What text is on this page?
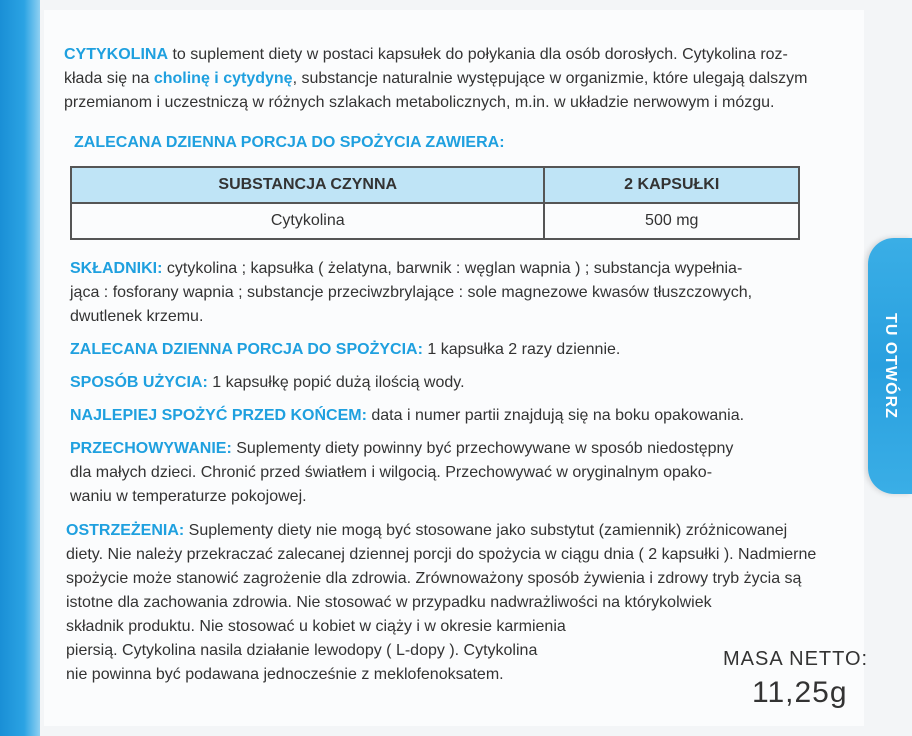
TU OTWÓRZ

CYTYKOLINA to suplement diety w postaci kapsułek do połykania dla osób dorosłych. Cytykolina roz-

kłada się na cholinę i cytydynę, substancje naturalnie występujące w organizmie, które ulegają dalszym

przemianom i uczestniczą w różnych szlakach metabolicznych, m.in. w układzie nerwowym i mózgu.

ZALECANA DZIENNA PORCJA DO SPOŻYCIA ZAWIERA:
SUBSTANCJA CZYNNA	2 KAPSUŁKI
Cytykolina	500 mg

SKŁADNIKI: cytykolina ; kapsułka ( żelatyna, barwnik : węglan wapnia ) ; substancja wypełnia-

jąca : fosforany wapnia ; substancje przeciwzbrylające : sole magnezowe kwasów tłuszczowych,

dwutlenek krzemu.

ZALECANA DZIENNA PORCJA DO SPOŻYCIA: 1 kapsułka 2 razy dziennie.
SPOSÓB UŻYCIA: 1 kapsułkę popić dużą ilością wody.
NAJLEPIEJ SPOŻYĆ PRZED KOŃCEM: data i numer partii znajdują się na boku opakowania.

PRZECHOWYWANIE: Suplementy diety powinny być przechowywane w sposób niedostępny

dla małych dzieci. Chronić przed światłem i wilgocią. Przechowywać w oryginalnym opako-

waniu w temperaturze pokojowej.

OSTRZEŻENIA: Suplementy diety nie mogą być stosowane jako substytut (zamiennik) zróżnicowanej

diety. Nie należy przekraczać zalecanej dziennej porcji do spożycia w ciągu dnia ( 2 kapsułki ). Nadmierne

spożycie może stanowić zagrożenie dla zdrowia. Zrównoważony sposób żywienia i zdrowy tryb życia są

istotne dla zachowania zdrowia. Nie stosować w przypadku nadwrażliwości na którykolwiek

składnik produktu. Nie stosować u kobiet w ciąży i w okresie karmienia

piersią. Cytykolina nasila działanie lewodopy ( L-dopy ). Cytykolina

nie powinna być podawana jednocześnie z meklofenoksatem.

MASA NETTO:
11,25g
